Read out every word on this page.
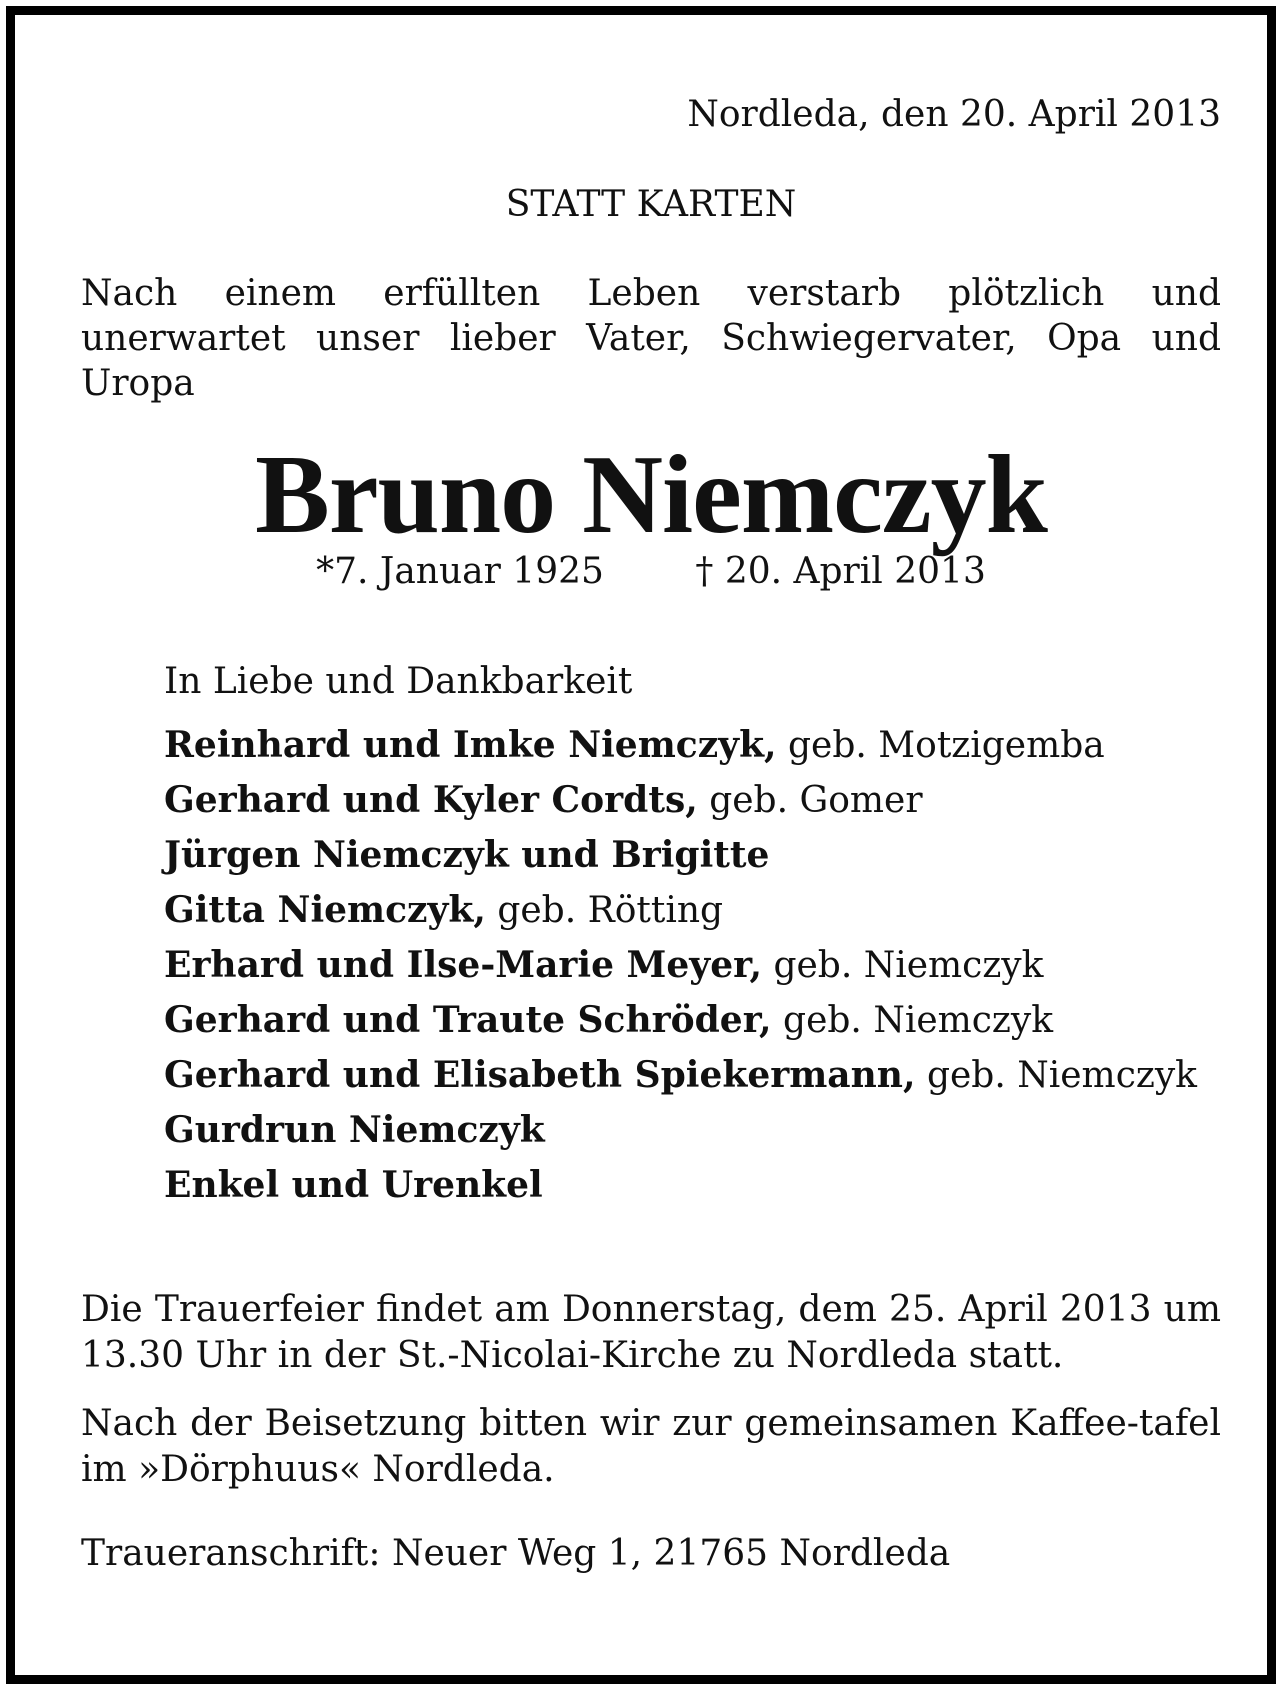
Nordleda, den 20. April 2013

STATT KARTEN

Nach einem erfüllten Leben verstarb plötzlich und unerwartet unser lieber Vater, Schwiegervater, Opa und Uropa

Bruno Niemczyk
*7. Januar 1925	† 20. April 2013
In Liebe und Dankbarkeit
Reinhard und Imke Niemczyk, geb. Motzigemba
Gerhard und Kyler Cordts, geb. Gomer
Jürgen Niemczyk und Brigitte
Gitta Niemczyk, geb. Rötting
Erhard und Ilse-Marie Meyer, geb. Niemczyk
Gerhard und Traute Schröder, geb. Niemczyk
Gerhard und Elisabeth Spiekermann, geb. Niemczyk
Gurdrun Niemczyk
Enkel und Urenkel

Die Trauerfeier findet am Donnerstag, dem 25. April 2013 um 13.30 Uhr in der St.-Nicolai-Kirche zu Nordleda statt.

Nach der Beisetzung bitten wir zur gemeinsamen Kaffee-tafel im »Dörphuus« Nordleda.

Traueranschrift: Neuer Weg 1, 21765 Nordleda
